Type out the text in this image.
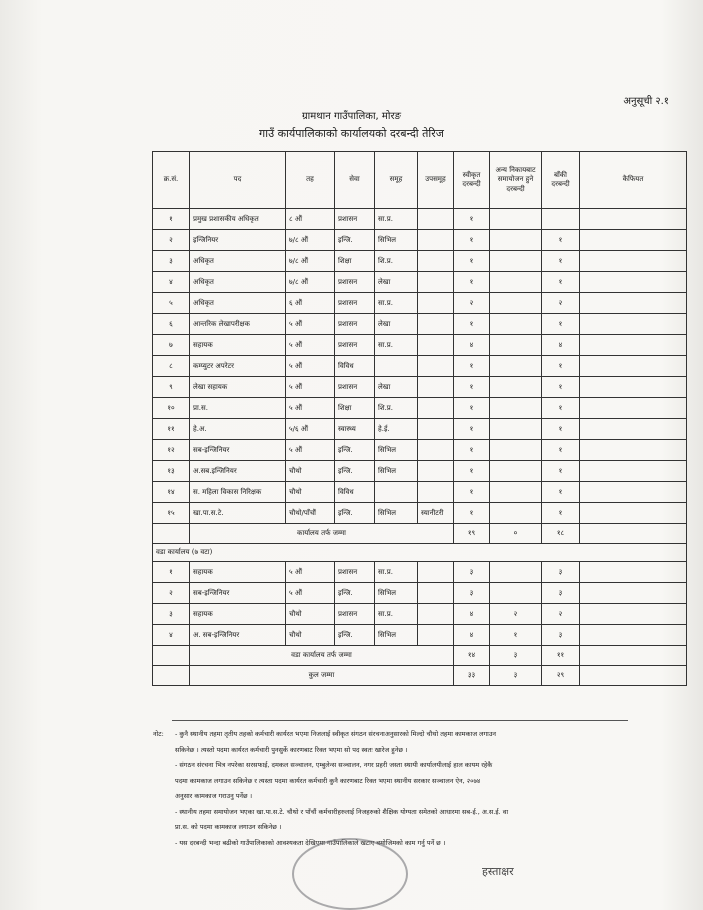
अनुसूची २.१
ग्रामथान गाउँपालिका, मोरङ
गाउँ कार्यपालिकाको कार्यालयको दरबन्दी तेरिज
क्र.सं.	पद	तह	सेवा	समूह	उपसमूह	स्वीकृत दरबन्दी	अन्य निकायबाट समायोजन हुने दरबन्दी	बाँकी दरबन्दी	कैफियत
१	प्रमुख प्रशासकीय अधिकृत	८ औं	प्रशासन	सा.प्र.		१			
२	इन्जिनियर	७/८ औं	इन्जि.	सिभिल		१		१	
३	अधिकृत	७/८ औं	शिक्षा	शि.प्र.		१		१	
४	अधिकृत	७/८ औं	प्रशासन	लेखा		१		१	
५	अधिकृत	६ औं	प्रशासन	सा.प्र.		२		२	
६	आन्तरिक लेखापरीक्षक	५ औं	प्रशासन	लेखा		१		१	
७	सहायक	५ औं	प्रशासन	सा.प्र.		४		४	
८	कम्प्युटर अपरेटर	५ औं	विविध			१		१	
९	लेखा सहायक	५ औं	प्रशासन	लेखा		१		१	
१०	प्रा.स.	५ औं	शिक्षा	शि.प्र.		१		१	
११	हे.अ.	५/६ औं	स्वास्थ्य	हे.ई.		१		१	
१२	सब-इन्जिनियर	५ औं	इन्जि.	सिभिल		१		१	
१३	अ.सब.इन्जिनियर	चौथो	इन्जि.	सिभिल		१		१	
१४	स. महिला विकास निरिक्षक	चौथो	विविध			१		१	
१५	खा.पा.स.टे.	चौथो/पाँचौं	इन्जि.	सिभिल	स्यानीटरी	१		१	
	कार्यालय तर्फ जम्मा					१९	०	१८	
वडा कार्यालय (७ वटा)									
१	सहायक	५ औं	प्रशासन	सा.प्र.		३		३	
२	सब-इन्जिनियर	५ औं	इन्जि.	सिभिल		३		३	
३	सहायक	चौथो	प्रशासन	सा.प्र.		४	२	२	
४	अ. सब-इन्जिनियर	चौथो	इन्जि.	सिभिल		४	१	३	
	वडा कार्यालय तर्फ जम्मा					१४	३	११	
	कुल जम्मा					३३	३	२९	
नोट: - कुनै स्थानीय तहमा तृतीय तहको कर्मचारी कार्यरत भएमा निजलाई स्वीकृत संगठन संरचनाअनुसारको मिल्दो चौथो तहमा कामकाज लगाउन

सकिनेछ । त्यस्तो पदमा कार्यरत कर्मचारी पुनसुर्के कारणबाट रिक्त भएमा सो पद स्वतः खारेज हुनेछ ।

- संगठन संरचना भित्र नपरेका सरसफाई, दमकल सञ्चालन, एम्बुलेन्स सञ्चालन, नगर प्रहरी जस्ता स्थायी कार्यालयीलाई हाल कायम रहेकै

पदमा कामकाज लगाउन सकिनेछ र त्यस्ता पदमा कार्यरत कर्मचारी कुनै कारणबाट रिक्त भएमा स्थानीय सरकार सञ्चालन ऐन, २०७४

अनुसार कामकाज गराउनु पर्नेछ ।

- स्थानीय तहमा समायोजन भएका खा.पा.स.टे. चौथो र पाँचौं कर्मचारीहरुलाई निजहरुको शैक्षिक योग्यता समेतको आधारमा सब-ई., अ.स.ई. वा

प्रा.स. को पदमा कामकाज लगाउन सकिनेछ ।

- यस दरबन्दी भन्दा बढीको गाउँपालिकाको आवश्यकता देखिएमा गाउँपालिकाले खटाए बमोजिमको काम गर्नु पर्ने छ ।

हस्ताक्षर
